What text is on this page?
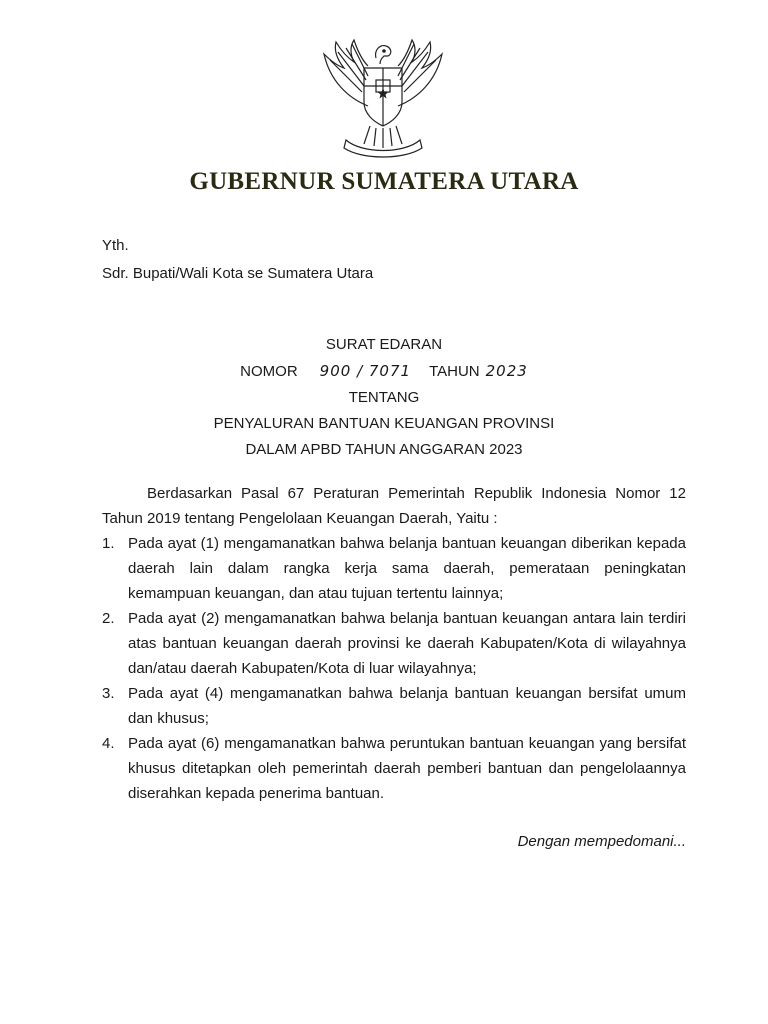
GUBERNUR SUMATERA UTARA
Yth.
Sdr. Bupati/Wali Kota se Sumatera Utara
SURAT EDARAN
NOMOR 900 / 7071 TAHUN 2023
TENTANG
PENYALURAN BANTUAN KEUANGAN PROVINSI
DALAM APBD TAHUN ANGGARAN 2023

Berdasarkan Pasal 67 Peraturan Pemerintah Republik Indonesia Nomor 12 Tahun 2019 tentang Pengelolaan Keuangan Daerah, Yaitu :

1. Pada ayat (1) mengamanatkan bahwa belanja bantuan keuangan diberikan kepada daerah lain dalam rangka kerja sama daerah, pemerataan peningkatan kemampuan keuangan, dan atau tujuan tertentu lainnya;
2. Pada ayat (2) mengamanatkan bahwa belanja bantuan keuangan antara lain terdiri atas bantuan keuangan daerah provinsi ke daerah Kabupaten/Kota di wilayahnya dan/atau daerah Kabupaten/Kota di luar wilayahnya;
3. Pada ayat (4) mengamanatkan bahwa belanja bantuan keuangan bersifat umum dan khusus;
4. Pada ayat (6) mengamanatkan bahwa peruntukan bantuan keuangan yang bersifat khusus ditetapkan oleh pemerintah daerah pemberi bantuan dan pengelolaannya diserahkan kepada penerima bantuan.
Dengan mempedomani...
